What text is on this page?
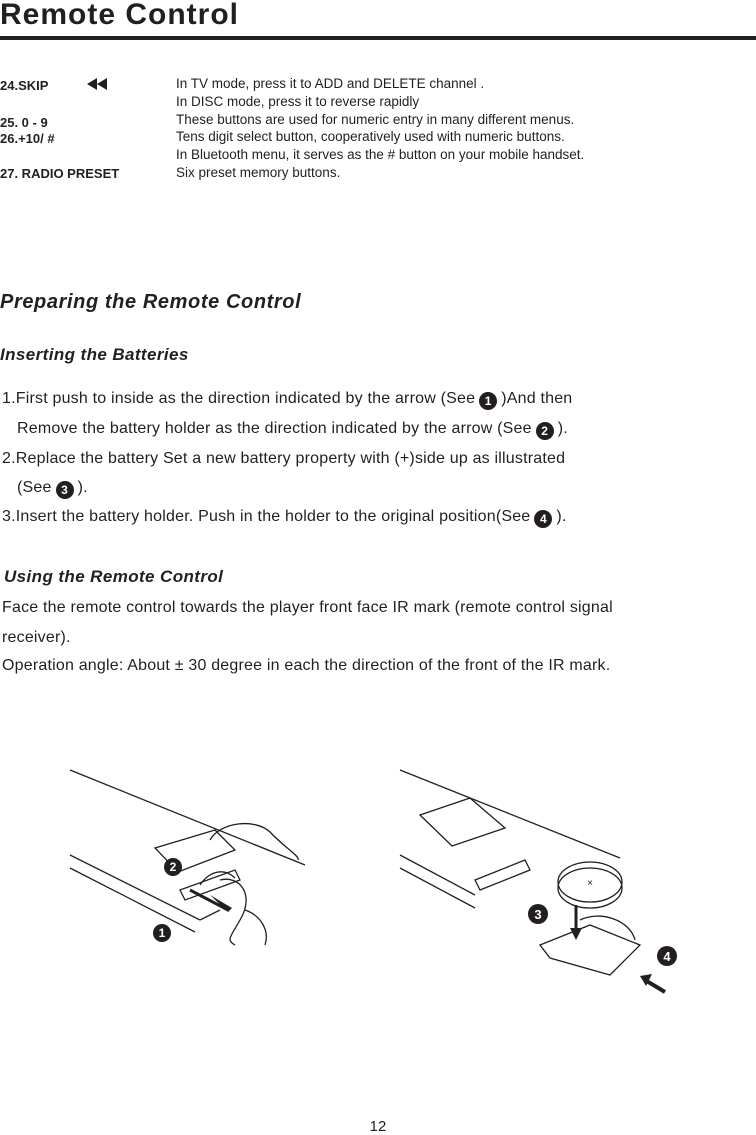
Remote Control
24.SKIP
25. 0 - 9
26.+10/ #
27. RADIO PRESET
In TV mode, press it to ADD and DELETE channel .
In DISC mode, press it to reverse rapidly
These buttons are used for numeric entry in many different menus.
Tens digit select button, cooperatively used with numeric buttons.
In Bluetooth menu, it serves as the # button on your mobile handset.
Six preset memory buttons.
Preparing the Remote Control
Inserting the Batteries
1.First push to inside as the direction indicated by the arrow (See 1 )And then
Remove the battery holder as the direction indicated by the arrow (See 2 ).
2.Replace the battery Set a new battery property with (+)side up as illustrated
(See 3 ).
3.Insert the battery holder. Push in the holder to the original position(See 4 ).
Using the Remote Control
Face the remote control towards the player front face IR mark (remote control signal
receiver).
Operation angle: About ± 30 degree in each the direction of the front of the IR mark.
2
1
×
3
4
12
